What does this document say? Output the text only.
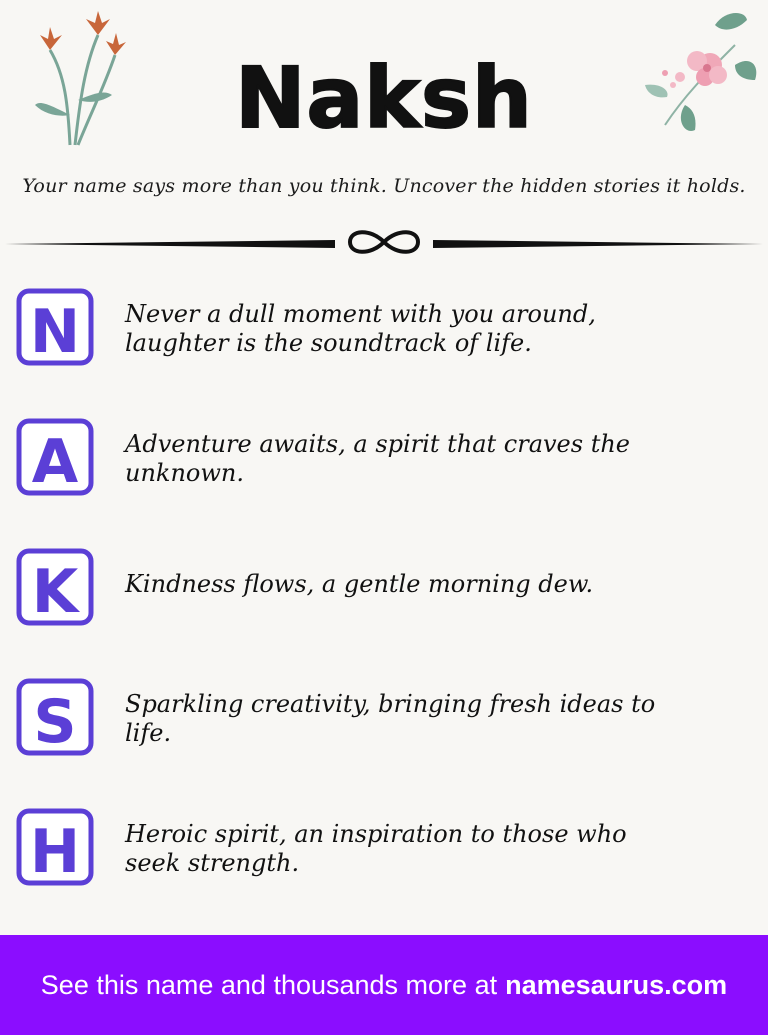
Naksh
Your name says more than you think. Uncover the hidden stories it holds.
N Never a dull moment with you around, laughter is the soundtrack of life.
A Adventure awaits, a spirit that craves the unknown.
K Kindness flows, a gentle morning dew.
S Sparkling creativity, bringing fresh ideas to life.
H Heroic spirit, an inspiration to those who seek strength.
See this name and thousands more at namesaurus.com
